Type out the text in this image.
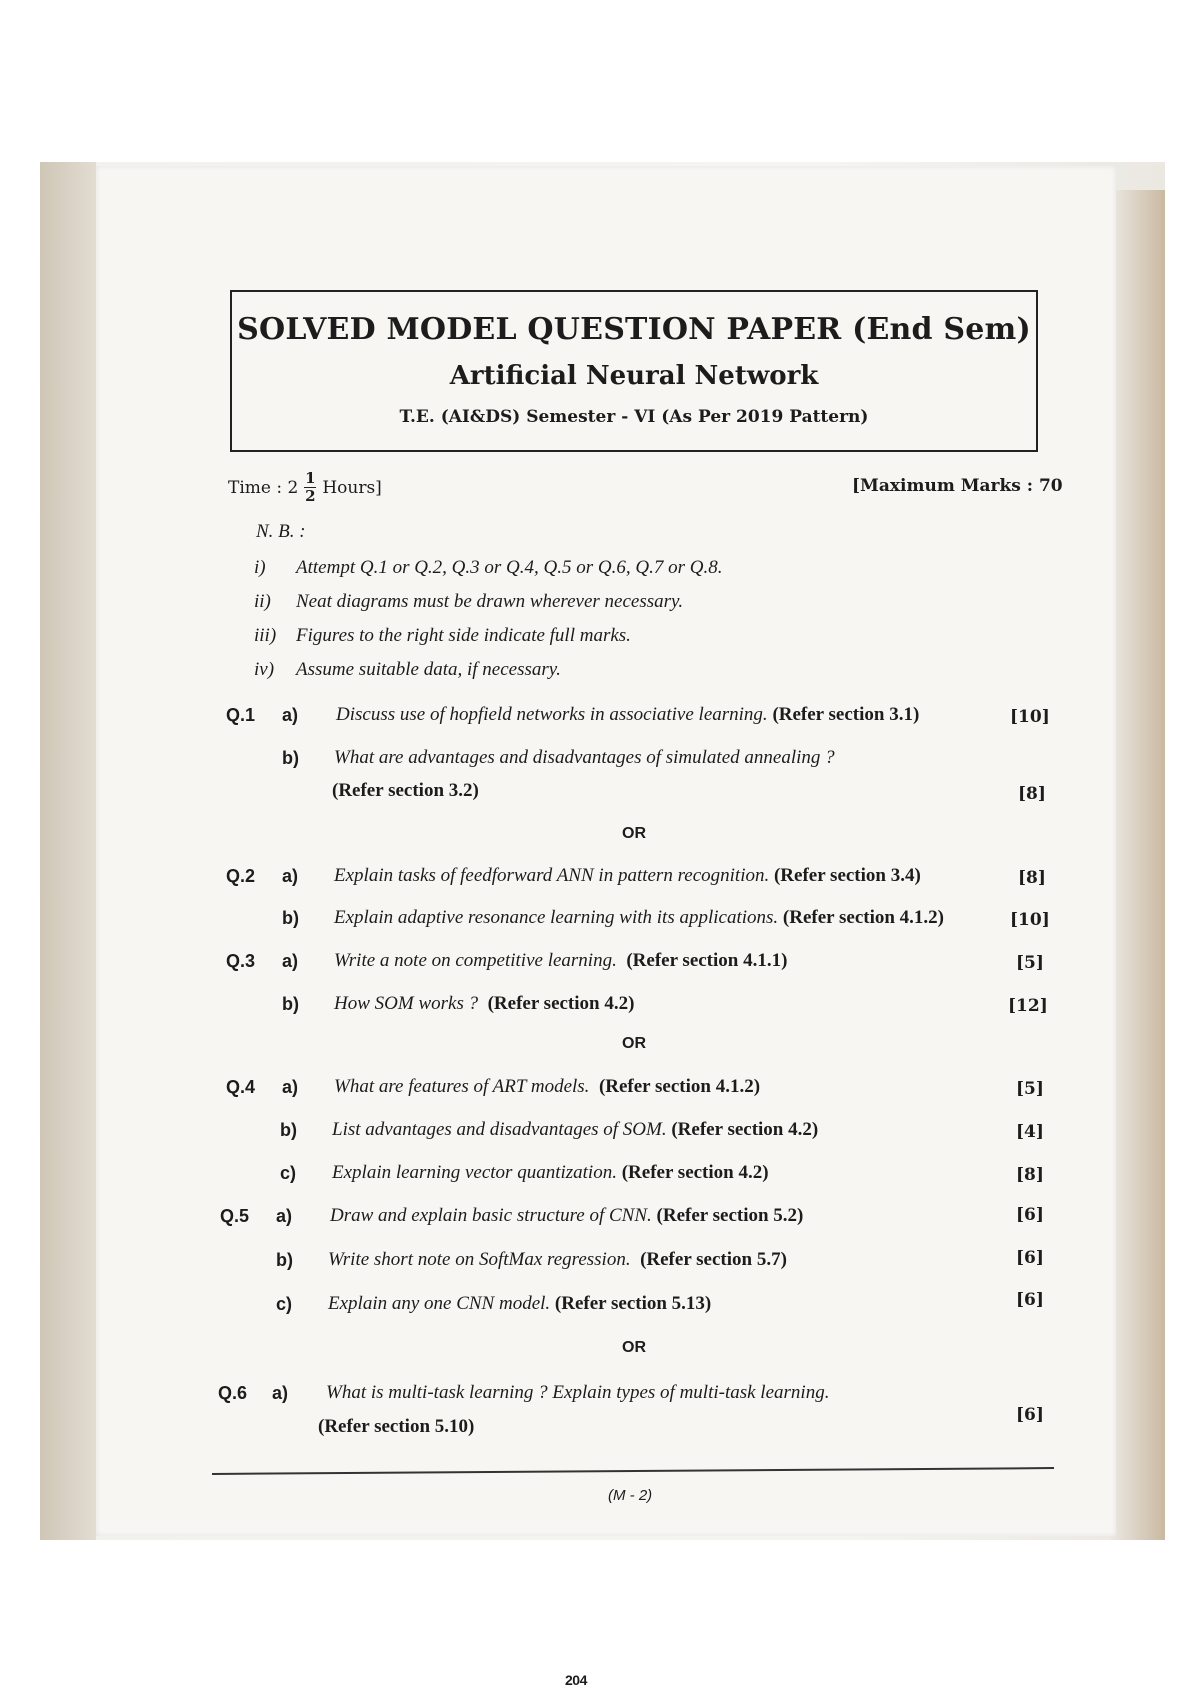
SOLVED MODEL QUESTION PAPER (End Sem)
Artificial Neural Network
T.E. (AI&DS) Semester - VI (As Per 2019 Pattern)
Time : $2 \frac{1}{2}$ Hours]	[Maximum Marks : 70
N. B. :
i) Attempt Q.1 or Q.2, Q.3 or Q.4, Q.5 or Q.6, Q.7 or Q.8.
ii) Neat diagrams must be drawn wherever necessary.
iii) Figures to the right side indicate full marks.
iv) Assume suitable data, if necessary.
Q.1 a) Discuss use of hopfield networks in associative learning. (Refer section 3.1)	[10]
b) What are advantages and disadvantages of simulated annealing ?
(Refer section 3.2)	[8]
OR
Q.2 a) Explain tasks of feedforward ANN in pattern recognition. (Refer section 3.4)	[8]
b) Explain adaptive resonance learning with its applications. (Refer section 4.1.2)	[10]
Q.3 a) Write a note on competitive learning. (Refer section 4.1.1)	[5]
b) How SOM works ? (Refer section 4.2)	[12]
OR
Q.4 a) What are features of ART models. (Refer section 4.1.2)	[5]
b) List advantages and disadvantages of SOM. (Refer section 4.2)	[4]
c) Explain learning vector quantization. (Refer section 4.2)	[8]
Q.5 a) Draw and explain basic structure of CNN. (Refer section 5.2)	[6]
b) Write short note on SoftMax regression. (Refer section 5.7)	[6]
c) Explain any one CNN model. (Refer section 5.13)	[6]
OR
Q.6 a) What is multi-task learning ? Explain types of multi-task learning.
(Refer section 5.10)
[6]
(M - 2)
204
